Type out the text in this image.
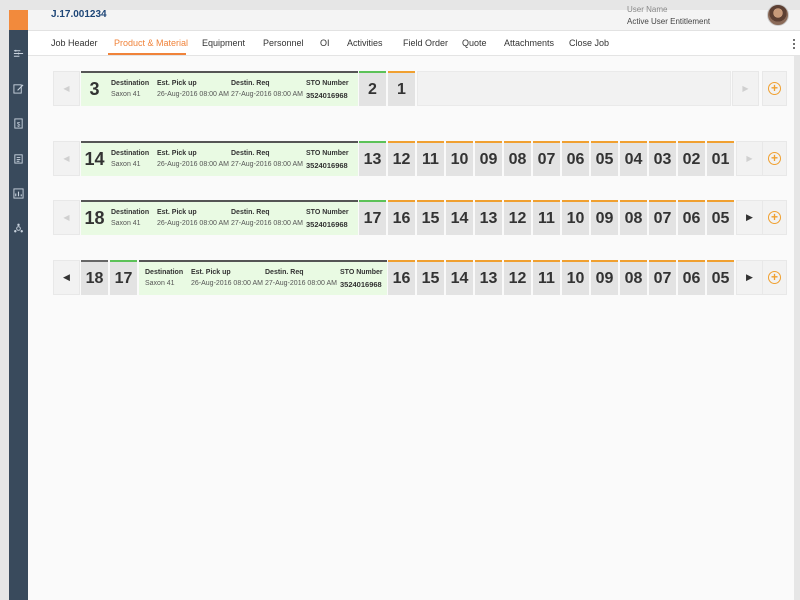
$
J.17.001234	User Name
Active User Entitlement
Job Header Product & Material Equipment Personnel OI Activities Field Order Quote Attachments Close Job
◀	3	Destination
Saxon 41
Est. Pick up
26-Aug-2016 08:00 AM
Destin. Req
27-Aug-2016 08:00 AM
STO Number
3524016968	2	1	▶	+
◀ 14 Destination
Saxon 41
Est. Pick up
26-Aug-2016 08:00 AM
Destin. Req
27-Aug-2016 08:00 AM
STO Number
3524016968 13 12 11 10 09 08 07 06 05 04 03 02 01	▶	+
◀ 18 Destination
Saxon 41
Est. Pick up
26-Aug-2016 08:00 AM
Destin. Req
27-Aug-2016 08:00 AM
STO Number
3524016968 17 16 15 14 13 12 11 10 09 08 07 06 05	▶	+
◀ 18 17	Destination
Saxon 41
Est. Pick up
26-Aug-2016 08:00 AM
Destin. Req
27-Aug-2016 08:00 AM
STO Number
3524016968 16 15 14 13 12 11 10 09 08 07 06 05	▶	+
